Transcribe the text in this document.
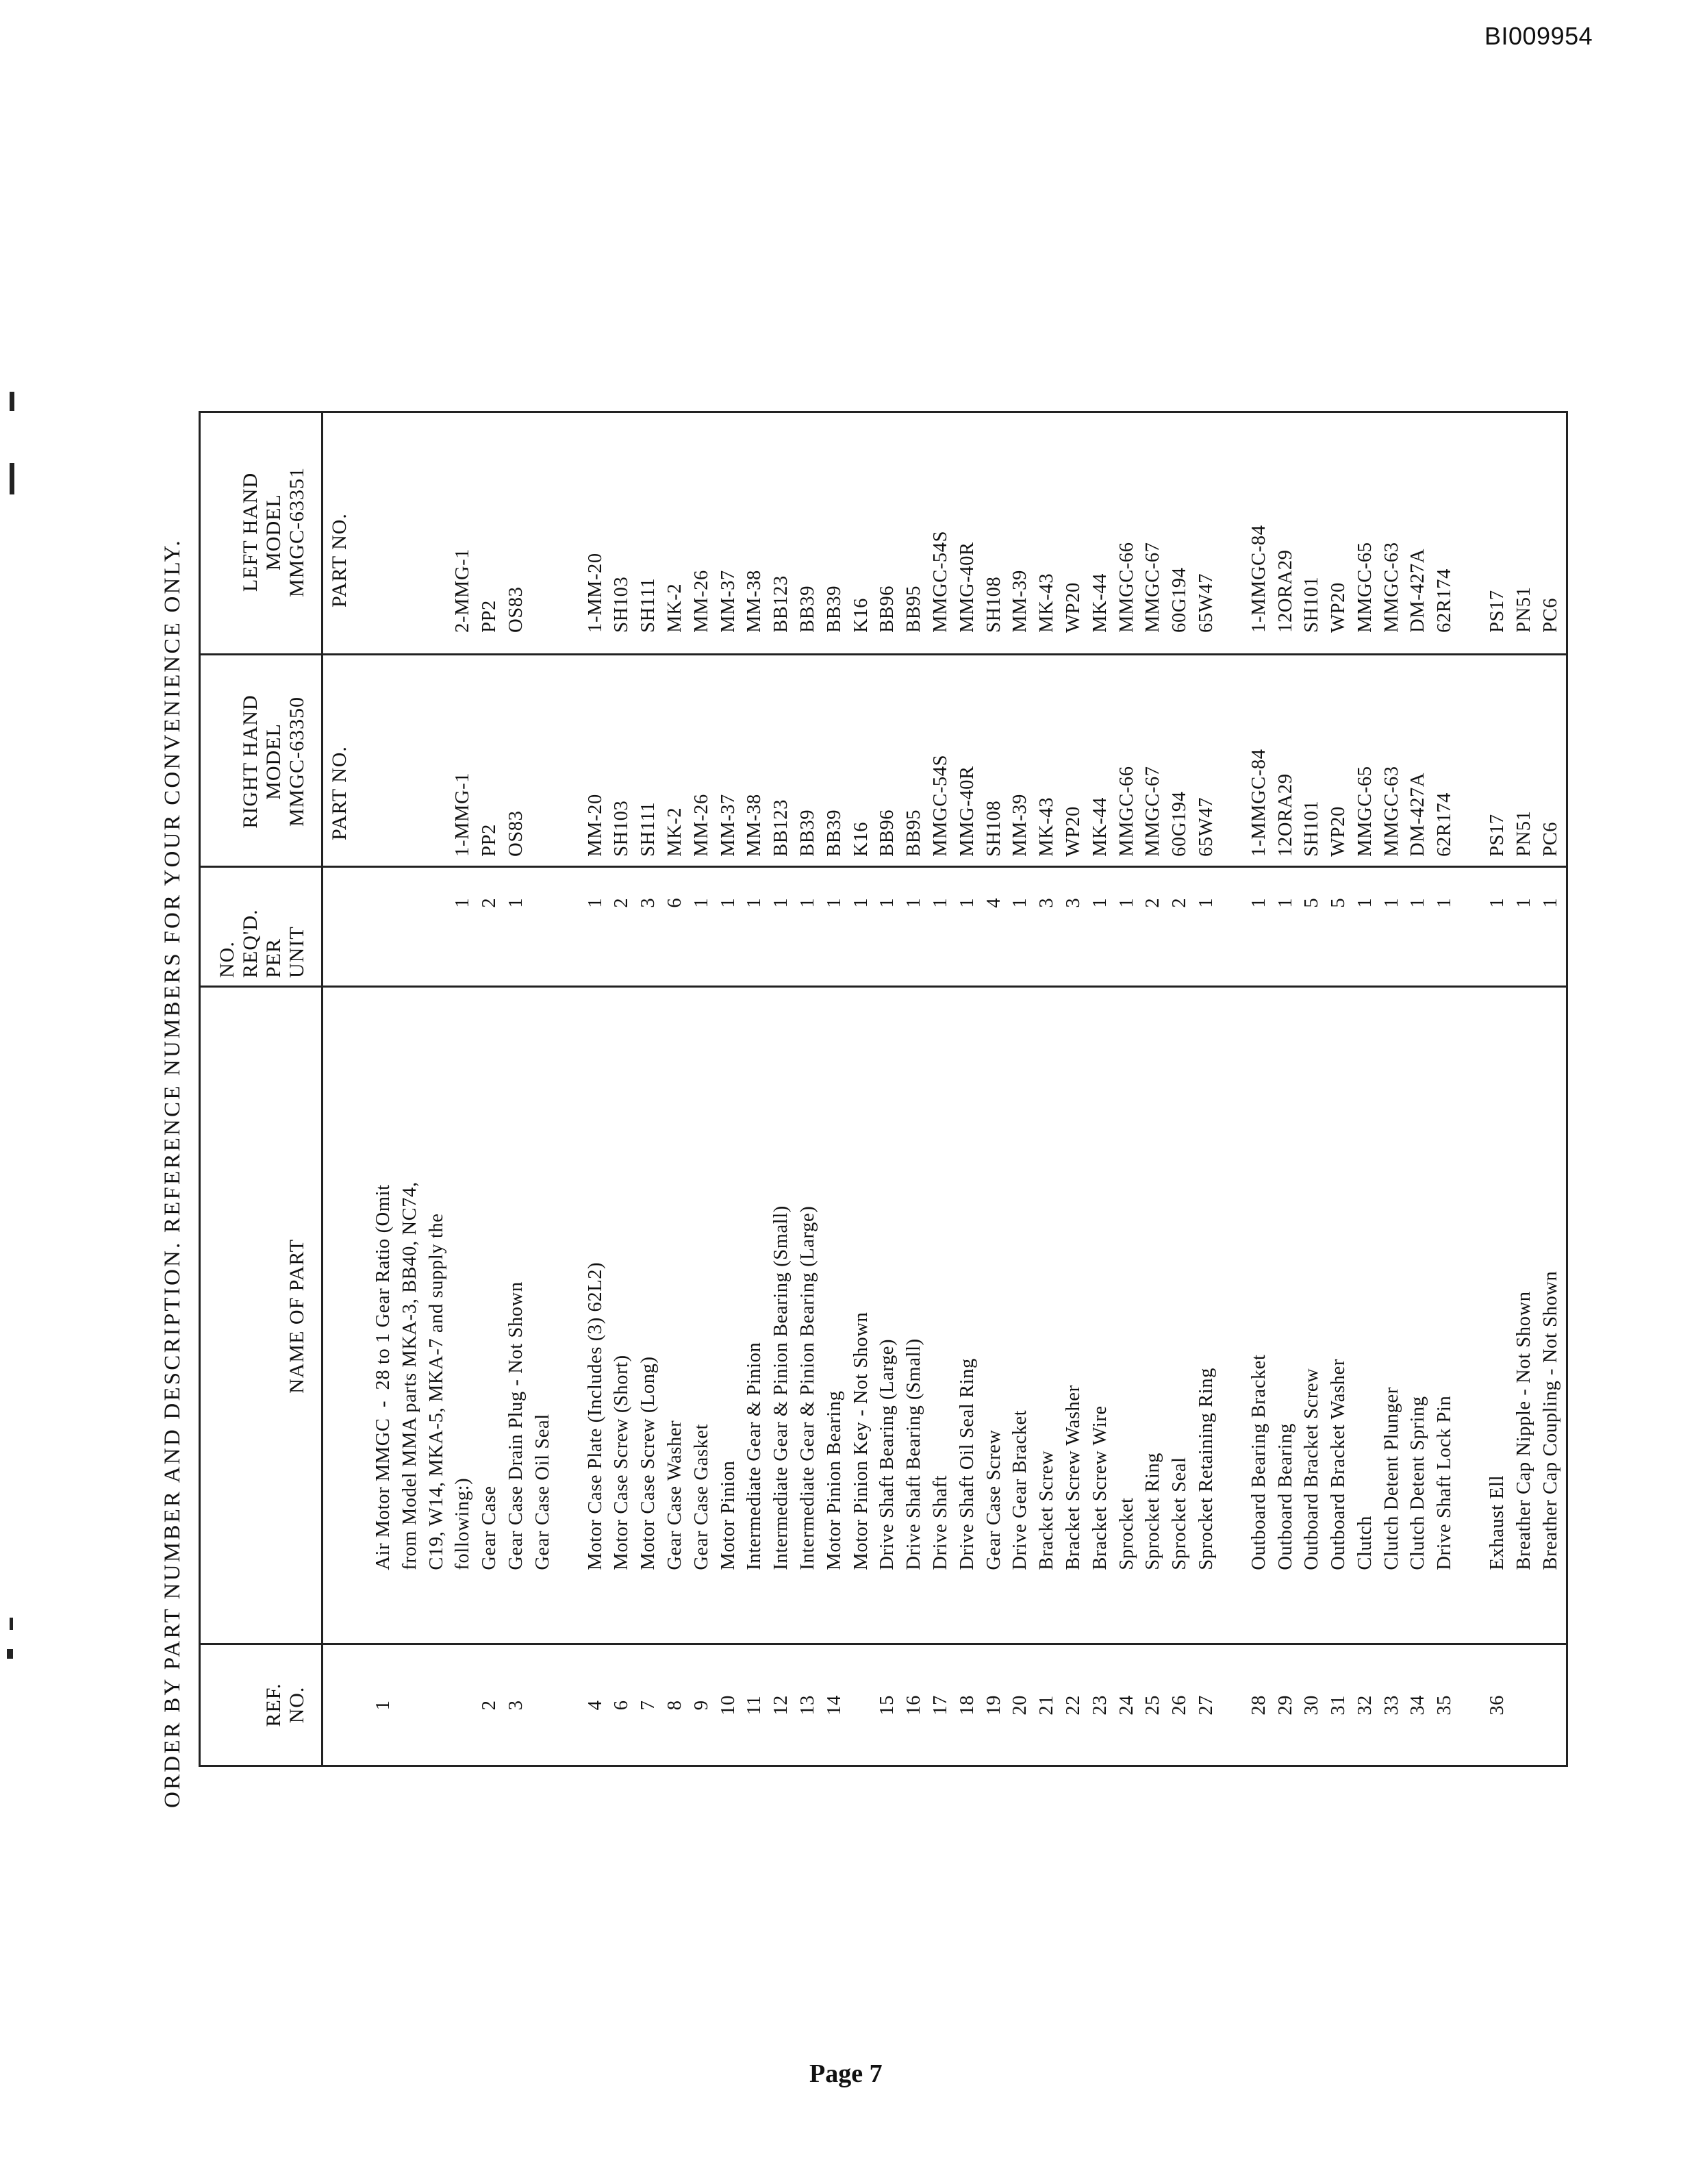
BI009954
ORDER BY PART NUMBER AND DESCRIPTION. REFERENCE NUMBERS FOR YOUR CONVENIENCE ONLY.	REF. NO.
NAME OF PART
NO. REQ'D. PER UNIT
RIGHT HAND MODEL MMGC-63350
LEFT HAND MODEL MMGC-63351
PART NO.
PART NO.
1
Air Motor MMGC  -  28 to 1 Gear Ratio (Omit from Model MMA parts MKA-3, BB40, NC74, C19, W14, MKA-5, MKA-7 and supply the following:)
1
1-MMG-1
2-MMG-1
2
Gear Case
2
PP2
PP2
3
Gear Case Drain Plug - Not Shown
1
OS83
OS83
Gear Case Oil Seal
4
Motor Case Plate (Includes (3) 62L2)
1
MM-20
1-MM-20
6
Motor Case Screw (Short)
2
SH103
SH103
7
Motor Case Screw (Long)
3
SH111
SH111
8
Gear Case Washer
6
MK-2
MK-2
9
Gear Case Gasket
1
MM-26
MM-26
10
Motor Pinion
1
MM-37
MM-37
11
Intermediate Gear & Pinion
1
MM-38
MM-38
12
Intermediate Gear & Pinion Bearing (Small)
1
BB123
BB123
13
Intermediate Gear & Pinion Bearing (Large)
1
BB39
BB39
14
Motor Pinion Bearing
1
BB39
BB39
Motor Pinion Key - Not Shown
1
K16
K16
15
Drive Shaft Bearing (Large)
1
BB96
BB96
16
Drive Shaft Bearing (Small)
1
BB95
BB95
17
Drive Shaft
1
MMGC-54S
MMGC-54S
18
Drive Shaft Oil Seal Ring
1
MMG-40R
MMG-40R
19
Gear Case Screw
4
SH108
SH108
20
Drive Gear Bracket
1
MM-39
MM-39
21
Bracket Screw
3
MK-43
MK-43
22
Bracket Screw Washer
3
WP20
WP20
23
Bracket Screw Wire
1
MK-44
MK-44
24
Sprocket
1
MMGC-66
MMGC-66
25
Sprocket Ring
2
MMGC-67
MMGC-67
26
Sprocket Seal
2
60G194
60G194
27
Sprocket Retaining Ring
1
65W47
65W47
28
Outboard Bearing Bracket
1
1-MMGC-84
1-MMGC-84
29
Outboard Bearing
1
12ORA29
12ORA29
30
Outboard Bracket Screw
5
SH101
SH101
31
Outboard Bracket Washer
5
WP20
WP20
32
Clutch
1
MMGC-65
MMGC-65
33
Clutch Detent Plunger
1
MMGC-63
MMGC-63
34
Clutch Detent Spring
1
DM-427A
DM-427A
35
Drive Shaft Lock Pin
1
62R174
62R174
36
Exhaust Ell
1
PS17
PS17
Breather Cap Nipple - Not Shown
1
PN51
PN51
Breather Cap Coupling - Not Shown
1
PC6
PC6
Page 7
